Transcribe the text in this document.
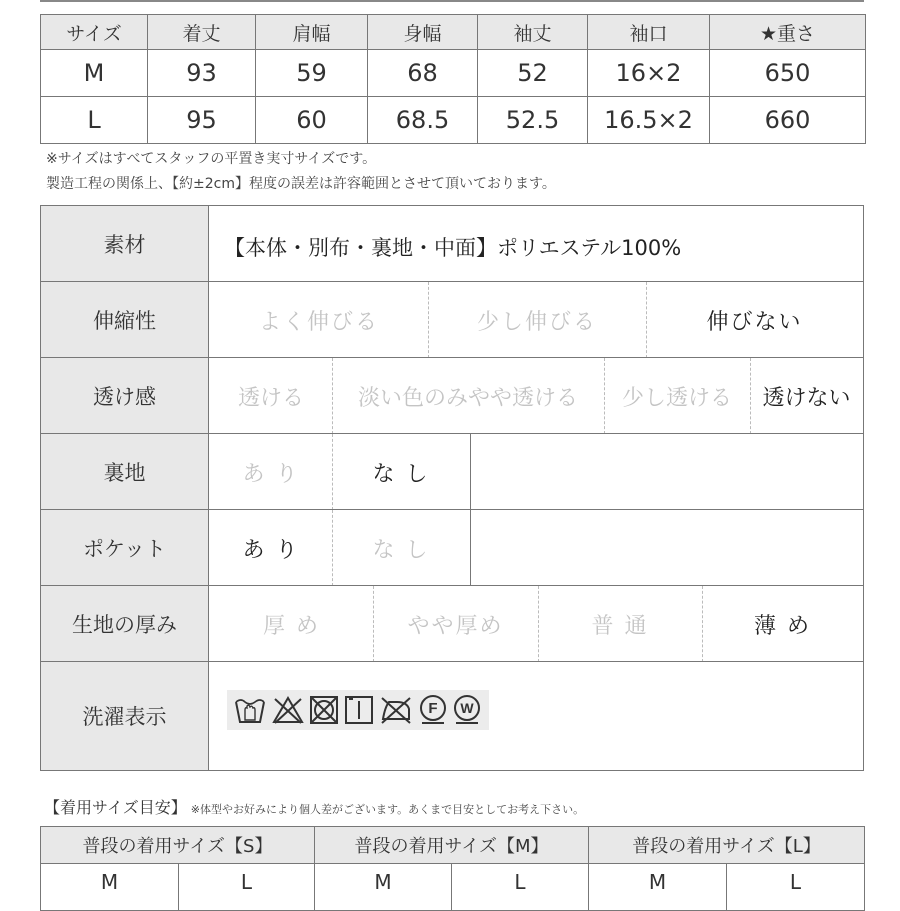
サイズ	着丈	肩幅	身幅	袖丈	袖口	★重さ
M	93	59	68	52	16×2	650
L	95	60	68.5	52.5	16.5×2	660
※サイズはすべてスタッフの平置き実寸サイズです。
製造工程の関係上、【約±2cm】程度の誤差は許容範囲とさせて頂いております。
素材	【本体・別布・裏地・中面】ポリエステル100%
伸縮性	よく伸びる	少し伸びる	伸びない
透け感	透ける	淡い色のみやや透ける	少し透ける	透けない
裏地	あ り	な し
ポケット	あ り	な し
生地の厚み	厚 め	やや厚め	普 通	薄 め
洗濯表示	F W
【着用サイズ目安】 ※体型やお好みにより個人差がございます。あくまで目安としてお考え下さい。
普段の着用サイズ【S】		普段の着用サイズ【M】		普段の着用サイズ【L】	
M	L	M	L	M	L
